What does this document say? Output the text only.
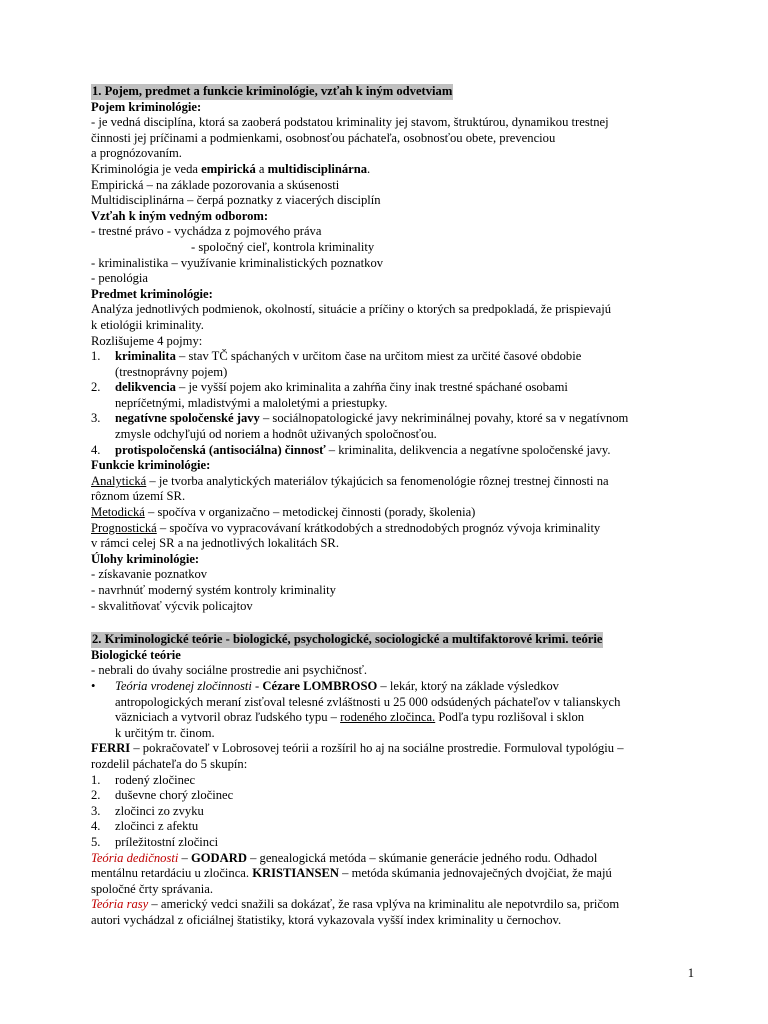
1. Pojem, predmet a funkcie kriminológie, vzťah k iným odvetviam
Pojem kriminológie:
- je vedná disciplína, ktorá sa zaoberá podstatou kriminality jej stavom, štruktúrou, dynamikou trestnej
činnosti jej príčinami a podmienkami, osobnosťou páchateľa, osobnosťou obete, prevenciou
a prognózovaním.
Kriminológia je veda empirická a multidisciplinárna.
Empirická – na základe pozorovania a skúsenosti
Multidisciplinárna – čerpá poznatky z viacerých disciplín
Vzťah k iným vedným odborom:
- trestné právo - vychádza z pojmového práva
- spoločný cieľ, kontrola kriminality
- kriminalistika – využívanie kriminalistických poznatkov
- penológia
Predmet kriminológie:
Analýza jednotlivých podmienok, okolností, situácie a príčiny o ktorých sa predpokladá, že prispievajú
k etiológii kriminality.
Rozlišujeme 4 pojmy:
1. kriminalita – stav TČ spáchaných v určitom čase na určitom miest za určité časové obdobie
(trestnoprávny pojem)
2. delikvencia – je vyšší pojem ako kriminalita a zahŕňa činy inak trestné spáchané osobami
nepríčetnými, mladistvými a maloletými a priestupky.
3. negatívne spoločenské javy – sociálnopatologické javy nekriminálnej povahy, ktoré sa v negatívnom
zmysle odchyľujú od noriem a hodnôt uživaných spoločnosťou.
4. protispoločenská (antisociálna) činnosť – kriminalita, delikvencia a negatívne spoločenské javy.
Funkcie kriminológie:
Analytická – je tvorba analytických materiálov týkajúcich sa fenomenológie rôznej trestnej činnosti na
rôznom území SR.
Metodická – spočíva v organizačno – metodickej činnosti (porady, školenia)
Prognostická – spočíva vo vypracovávaní krátkodobých a strednodobých prognóz vývoja kriminality
v rámci celej SR a na jednotlivých lokalitách SR.
Úlohy kriminológie:
- získavanie poznatkov
- navrhnúť moderný systém kontroly kriminality
- skvalitňovať výcvik policajtov
2. Kriminologické teórie - biologické, psychologické, sociologické a multifaktorové krimi. teórie
Biologické teórie
- nebrali do úvahy sociálne prostredie ani psychičnosť.
• Teória vrodenej zločinnosti - Cézare LOMBROSO – lekár, ktorý na základe výsledkov
antropologických meraní zisťoval telesné zvláštnosti u 25 000 odsúdených páchateľov v talianskych
väzniciach a vytvoril obraz ľudského typu – rodeného zločinca. Podľa typu rozlišoval i sklon
k určitým tr. činom.
FERRI – pokračovateľ v Lobrosovej teórii a rozšíril ho aj na sociálne prostredie. Formuloval typológiu –
rozdelil páchateľa do 5 skupín:
1. rodený zločinec
2. duševne chorý zločinec
3. zločinci zo zvyku
4. zločinci z afektu
5. príležitostní zločinci
Teória dedičnosti – GODARD – genealogická metóda – skúmanie generácie jedného rodu. Odhadol
mentálnu retardáciu u zločinca. KRISTIANSEN – metóda skúmania jednovaječných dvojčiat, že majú
spoločné črty správania.
Teória rasy – americký vedci snažili sa dokázať, že rasa vplýva na kriminalitu ale nepotvrdilo sa, pričom
autori vychádzal z oficiálnej štatistiky, ktorá vykazovala vyšší index kriminality u černochov.
1
